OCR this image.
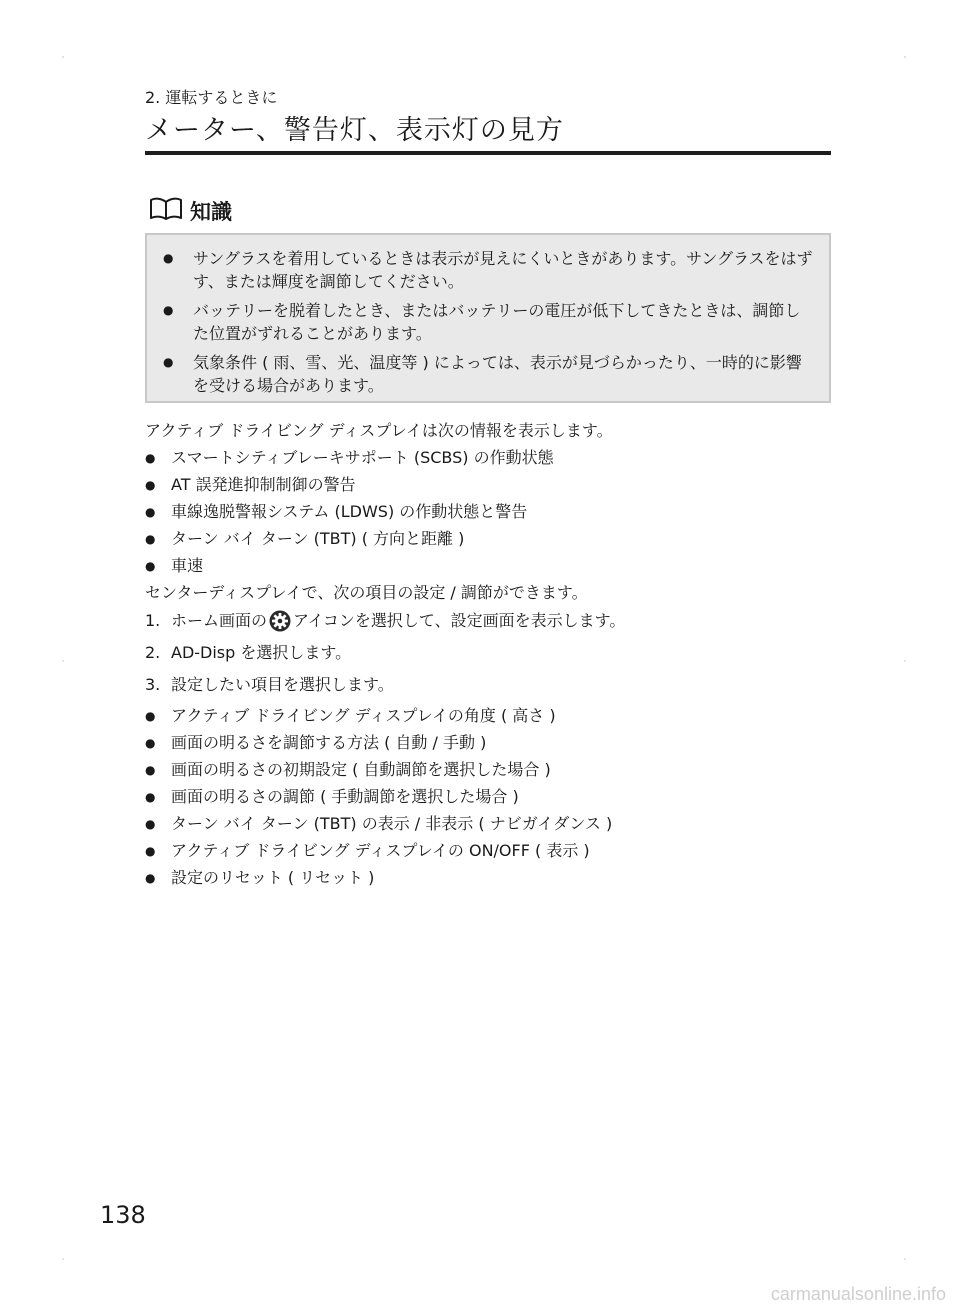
2. 運転するときに
メーター、警告灯、表示灯の見方
知識
● サングラスを着用しているときは表示が見えにくいときがあります。サングラスをはずす、または輝度を調節してください。
● バッテリーを脱着したとき、またはバッテリーの電圧が低下してきたときは、調節した位置がずれることがあります。
● 気象条件 ( 雨、雪、光、温度等 ) によっては、表示が見づらかったり、一時的に影響を受ける場合があります。

アクティブ ドライビング ディスプレイは次の情報を表示します。

● スマートシティブレーキサポート (SCBS) の作動状態
● AT 誤発進抑制制御の警告
● 車線逸脱警報システム (LDWS) の作動状態と警告
● ターン バイ ターン (TBT) ( 方向と距離 )
● 車速

センターディスプレイで、次の項目の設定 / 調節ができます。

1. ホーム画面の アイコンを選択して、設定画面を表示します。
2. AD-Disp を選択します。
3. 設定したい項目を選択します。
● アクティブ ドライビング ディスプレイの角度 ( 高さ )
● 画面の明るさを調節する方法 ( 自動 / 手動 )
● 画面の明るさの初期設定 ( 自動調節を選択した場合 )
● 画面の明るさの調節 ( 手動調節を選択した場合 )
● ターン バイ ターン (TBT) の表示 / 非表示 ( ナビガイダンス )
● アクティブ ドライビング ディスプレイの ON/OFF ( 表示 )
● 設定のリセット ( リセット )
138
carmanualsonline.info
